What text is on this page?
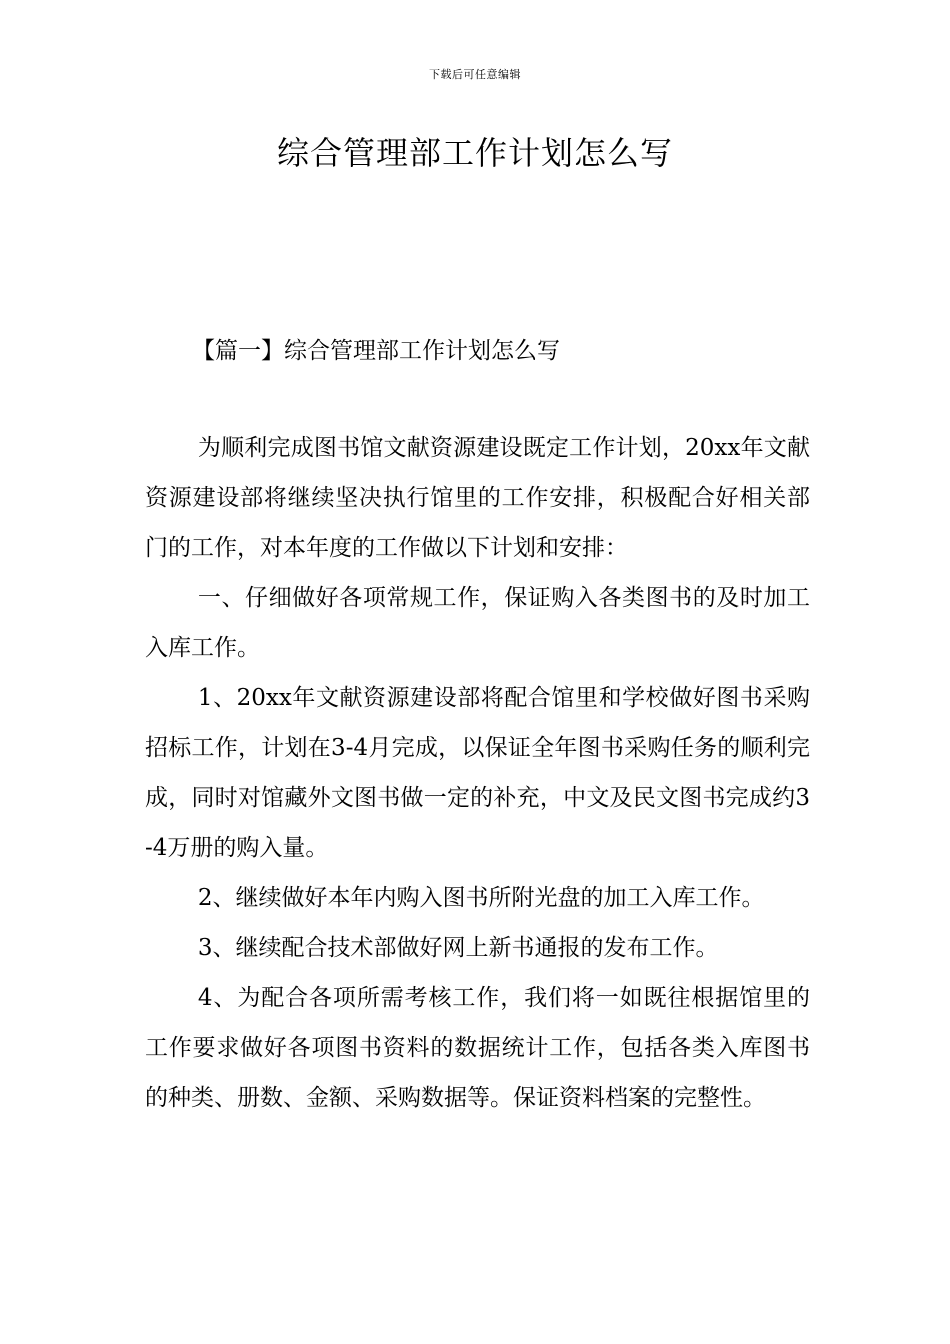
下载后可任意编辑
综合管理部工作计划怎么写
【篇一】综合管理部工作计划怎么写

为顺利完成图书馆文献资源建设既定工作计划，20xx年文献资源建设部将继续坚决执行馆里的工作安排，积极配合好相关部门的工作，对本年度的工作做以下计划和安排：

一、仔细做好各项常规工作，保证购入各类图书的及时加工入库工作。

1、20xx年文献资源建设部将配合馆里和学校做好图书采购招标工作，计划在3-4月完成，以保证全年图书采购任务的顺利完成，同时对馆藏外文图书做一定的补充，中文及民文图书完成约3-4万册的购入量。

2、继续做好本年内购入图书所附光盘的加工入库工作。

3、继续配合技术部做好网上新书通报的发布工作。

4、为配合各项所需考核工作，我们将一如既往根据馆里的工作要求做好各项图书资料的数据统计工作，包括各类入库图书的种类、册数、金额、采购数据等。保证资料档案的完整性。
